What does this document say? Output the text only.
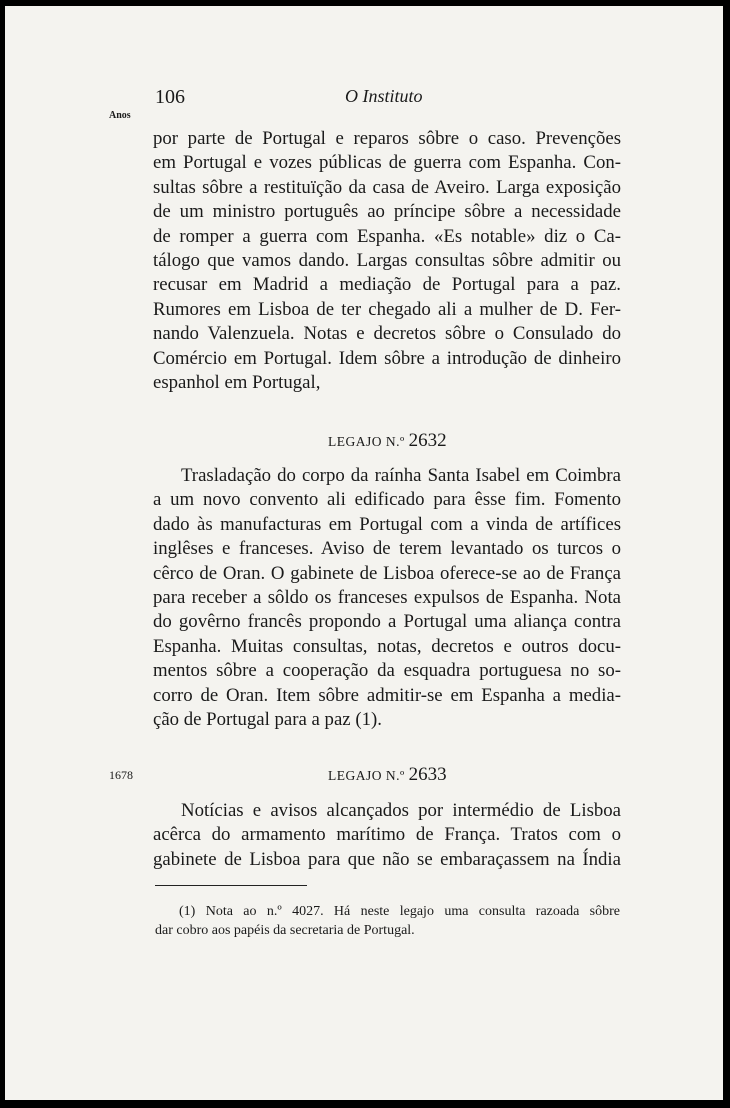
106	O Instituto
Anos

por parte de Portugal e reparos sôbre o caso. Prevenções
em Portugal e vozes públicas de guerra com Espanha. Con-
sultas sôbre a restituïção da casa de Aveiro. Larga exposição
de um ministro português ao príncipe sôbre a necessidade
de romper a guerra com Espanha. «Es notable» diz o Ca-
tálogo que vamos dando. Largas consultas sôbre admitir ou
recusar em Madrid a mediação de Portugal para a paz.
Rumores em Lisboa de ter chegado ali a mulher de D. Fer-
nando Valenzuela. Notas e decretos sôbre o Consulado do
Comércio em Portugal. Idem sôbre a introdução de dinheiro
espanhol em Portugal,

LEGAJO N.º 2632

Trasladação do corpo da raínha Santa Isabel em Coimbra
a um novo convento ali edificado para êsse fim. Fomento
dado às manufacturas em Portugal com a vinda de artífices
inglêses e franceses. Aviso de terem levantado os turcos o
cêrco de Oran. O gabinete de Lisboa oferece-se ao de França
para receber a sôldo os franceses expulsos de Espanha. Nota
do govêrno francês propondo a Portugal uma aliança contra
Espanha. Muitas consultas, notas, decretos e outros docu-
mentos sôbre a cooperação da esquadra portuguesa no so-
corro de Oran. Item sôbre admitir-se em Espanha a media-
ção de Portugal para a paz (1).

1678	LEGAJO N.º 2633

Notícias e avisos alcançados por intermédio de Lisboa
acêrca do armamento marítimo de França. Tratos com o
gabinete de Lisboa para que não se embaraçassem na Índia

(1) Nota ao n.º 4027. Há neste legajo uma consulta razoada sôbre
dar cobro aos papéis da secretaria de Portugal.
